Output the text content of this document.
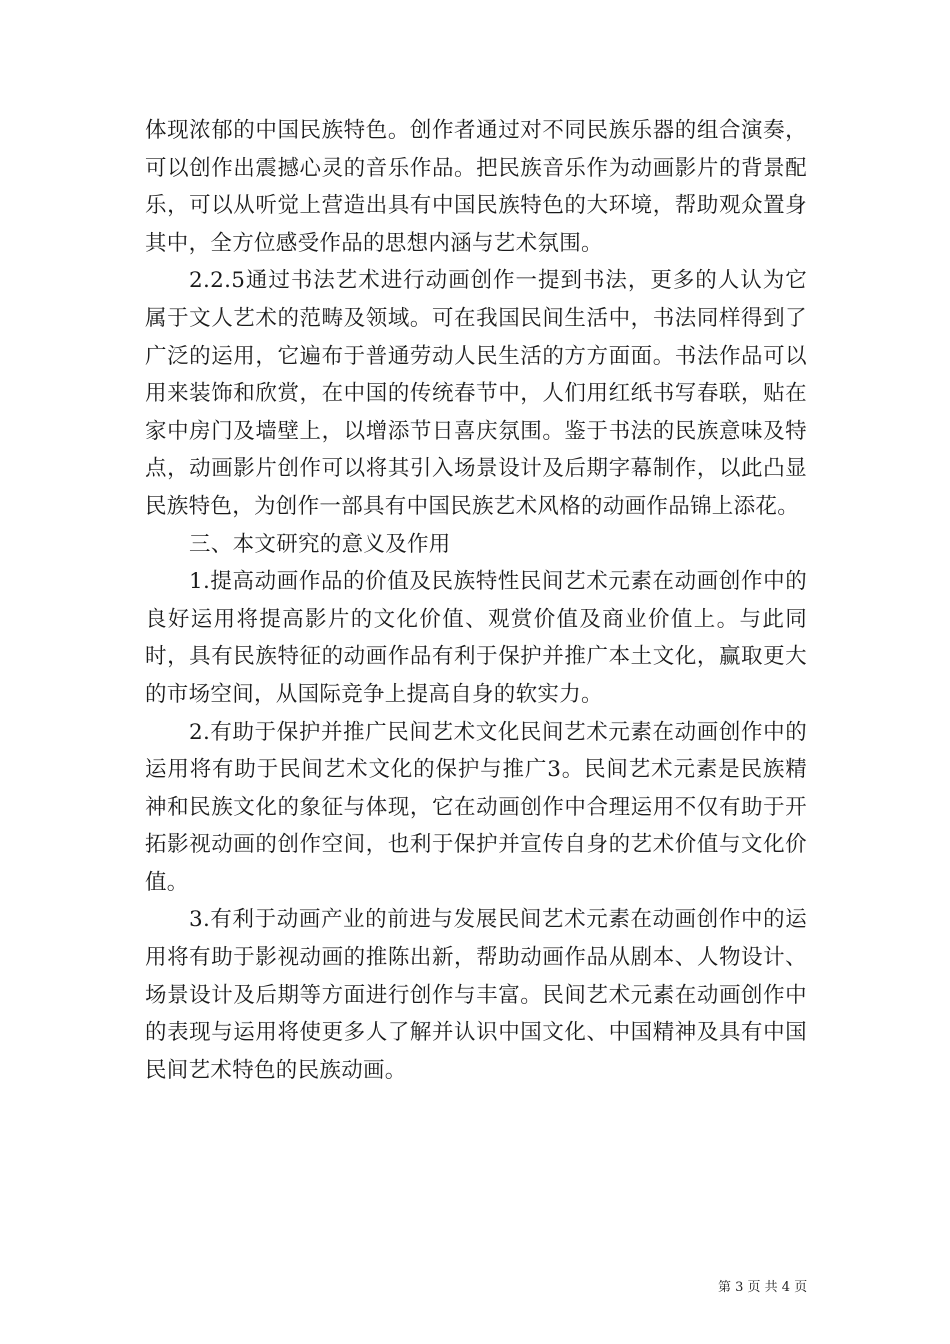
体现浓郁的中国民族特色。创作者通过对不同民族乐器的组合演奏，可以创作出震撼心灵的音乐作品。把民族音乐作为动画影片的背景配乐，可以从听觉上营造出具有中国民族特色的大环境，帮助观众置身其中，全方位感受作品的思想内涵与艺术氛围。

2.2.5通过书法艺术进行动画创作一提到书法，更多的人认为它属于文人艺术的范畴及领域。可在我国民间生活中，书法同样得到了广泛的运用，它遍布于普通劳动人民生活的方方面面。书法作品可以用来装饰和欣赏，在中国的传统春节中，人们用红纸书写春联，贴在家中房门及墙壁上，以增添节日喜庆氛围。鉴于书法的民族意味及特点，动画影片创作可以将其引入场景设计及后期字幕制作，以此凸显民族特色，为创作一部具有中国民族艺术风格的动画作品锦上添花。

三、本文研究的意义及作用

1.提高动画作品的价值及民族特性民间艺术元素在动画创作中的良好运用将提高影片的文化价值、观赏价值及商业价值上。与此同时，具有民族特征的动画作品有利于保护并推广本土文化，赢取更大的市场空间，从国际竞争上提高自身的软实力。

2.有助于保护并推广民间艺术文化民间艺术元素在动画创作中的运用将有助于民间艺术文化的保护与推广3。民间艺术元素是民族精神和民族文化的象征与体现，它在动画创作中合理运用不仅有助于开拓影视动画的创作空间，也利于保护并宣传自身的艺术价值与文化价值。

3.有利于动画产业的前进与发展民间艺术元素在动画创作中的运用将有助于影视动画的推陈出新，帮助动画作品从剧本、人物设计、场景设计及后期等方面进行创作与丰富。民间艺术元素在动画创作中的表现与运用将使更多人了解并认识中国文化、中国精神及具有中国民间艺术特色的民族动画。

第 3 页 共 4 页
